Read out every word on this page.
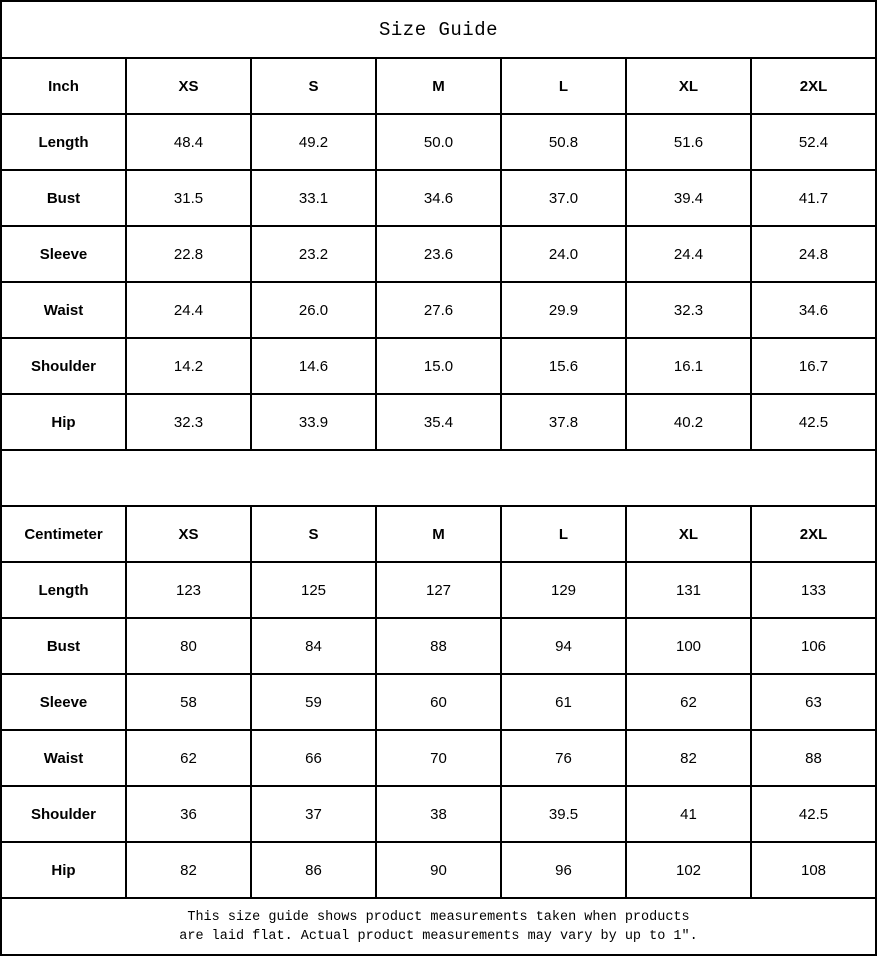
Size Guide						
Inch	XS	S	M	L	XL	2XL
Length	48.4	49.2	50.0	50.8	51.6	52.4
Bust	31.5	33.1	34.6	37.0	39.4	41.7
Sleeve	22.8	23.2	23.6	24.0	24.4	24.8
Waist	24.4	26.0	27.6	29.9	32.3	34.6
Shoulder	14.2	14.6	15.0	15.6	16.1	16.7
Hip	32.3	33.9	35.4	37.8	40.2	42.5

Centimeter	XS	S	M	L	XL	2XL
Length	123	125	127	129	131	133
Bust	80	84	88	94	100	106
Sleeve	58	59	60	61	62	63
Waist	62	66	70	76	82	88
Shoulder	36	37	38	39.5	41	42.5
Hip	82	86	90	96	102	108

This size guide shows product measurements taken when products
are laid flat. Actual product measurements may vary by up to 1″.						
